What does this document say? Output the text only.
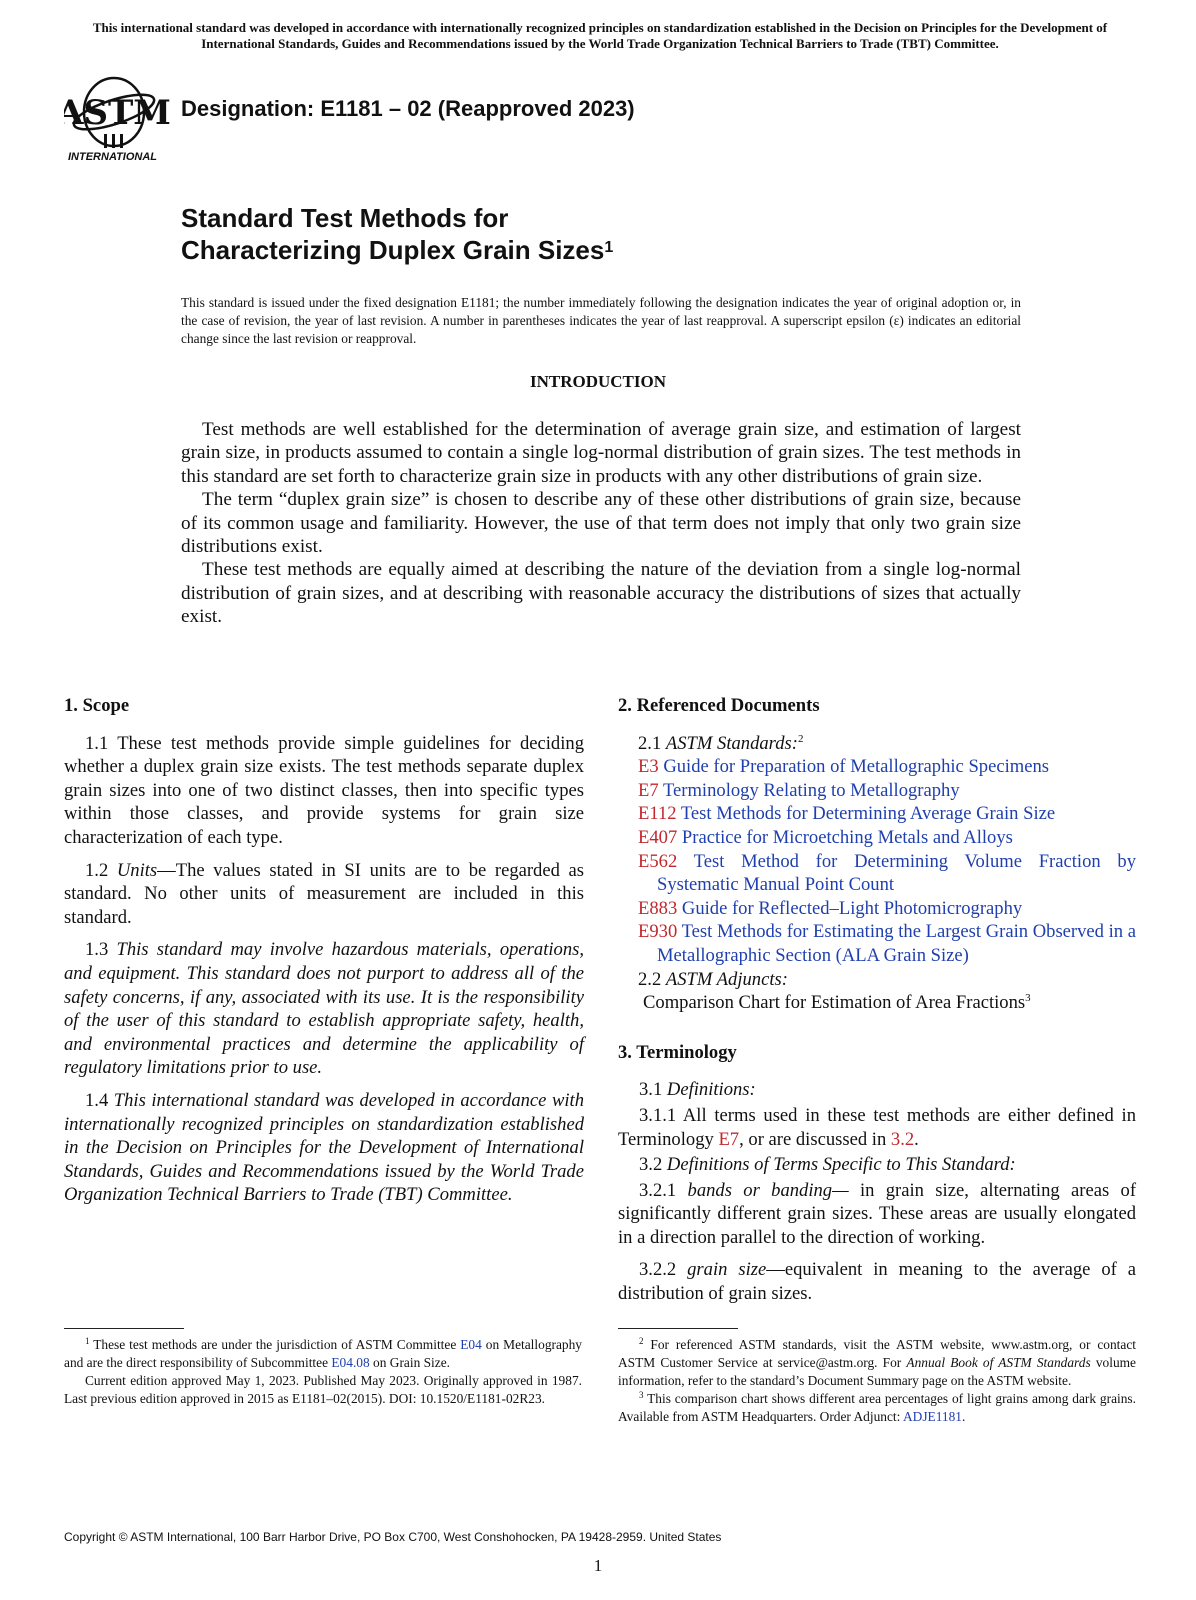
This international standard was developed in accordance with internationally recognized principles on standardization established in the Decision on Principles for the Development of International Standards, Guides and Recommendations issued by the World Trade Organization Technical Barriers to Trade (TBT) Committee.
ASTM
INTERNATIONAL
Designation: E1181 – 02 (Reapproved 2023)
Standard Test Methods for
Characterizing Duplex Grain Sizes$^1$
This standard is issued under the fixed designation E1181; the number immediately following the designation indicates the year of original adoption or, in the case of revision, the year of last revision. A number in parentheses indicates the year of last reapproval. A superscript epsilon (ε) indicates an editorial change since the last revision or reapproval.
INTRODUCTION

Test methods are well established for the determination of average grain size, and estimation of largest grain size, in products assumed to contain a single log-normal distribution of grain sizes. The test methods in this standard are set forth to characterize grain size in products with any other distributions of grain size.

The term “duplex grain size” is chosen to describe any of these other distributions of grain size, because of its common usage and familiarity. However, the use of that term does not imply that only two grain size distributions exist.

These test methods are equally aimed at describing the nature of the deviation from a single log-normal distribution of grain sizes, and at describing with reasonable accuracy the distributions of sizes that actually exist.

1. Scope

1.1 These test methods provide simple guidelines for deciding whether a duplex grain size exists. The test methods separate duplex grain sizes into one of two distinct classes, then into specific types within those classes, and provide systems for grain size characterization of each type.

1.2 Units—The values stated in SI units are to be regarded as standard. No other units of measurement are included in this standard.

1.3 This standard may involve hazardous materials, operations, and equipment. This standard does not purport to address all of the safety concerns, if any, associated with its use. It is the responsibility of the user of this standard to establish appropriate safety, health, and environmental practices and determine the applicability of regulatory limitations prior to use.

1.4 This international standard was developed in accordance with internationally recognized principles on standardization established in the Decision on Principles for the Development of International Standards, Guides and Recommendations issued by the World Trade Organization Technical Barriers to Trade (TBT) Committee.

2. Referenced Documents
2.1 ASTM Standards:$^2$
E3 Guide for Preparation of Metallographic Specimens
E7 Terminology Relating to Metallography
E112 Test Methods for Determining Average Grain Size
E407 Practice for Microetching Metals and Alloys
E562 Test Method for Determining Volume Fraction by Systematic Manual Point Count
E883 Guide for Reflected–Light Photomicrography
E930 Test Methods for Estimating the Largest Grain Observed in a Metallographic Section (ALA Grain Size)
2.2 ASTM Adjuncts:
Comparison Chart for Estimation of Area Fractions$^3$
3. Terminology

3.1 Definitions:

3.1.1 All terms used in these test methods are either defined in Terminology E7, or are discussed in 3.2.

3.2 Definitions of Terms Specific to This Standard:

3.2.1 bands or banding— in grain size, alternating areas of significantly different grain sizes. These areas are usually elongated in a direction parallel to the direction of working.

3.2.2 grain size—equivalent in meaning to the average of a distribution of grain sizes.

$^1$ These test methods are under the jurisdiction of ASTM Committee E04 on Metallography and are the direct responsibility of Subcommittee E04.08 on Grain Size.

Current edition approved May 1, 2023. Published May 2023. Originally approved in 1987. Last previous edition approved in 2015 as E1181–02(2015). DOI: 10.1520/E1181-02R23.

$^2$ For referenced ASTM standards, visit the ASTM website, www.astm.org, or contact ASTM Customer Service at service@astm.org. For Annual Book of ASTM Standards volume information, refer to the standard’s Document Summary page on the ASTM website.

$^3$ This comparison chart shows different area percentages of light grains among dark grains. Available from ASTM Headquarters. Order Adjunct: ADJE1181.

Copyright © ASTM International, 100 Barr Harbor Drive, PO Box C700, West Conshohocken, PA 19428-2959. United States
1
